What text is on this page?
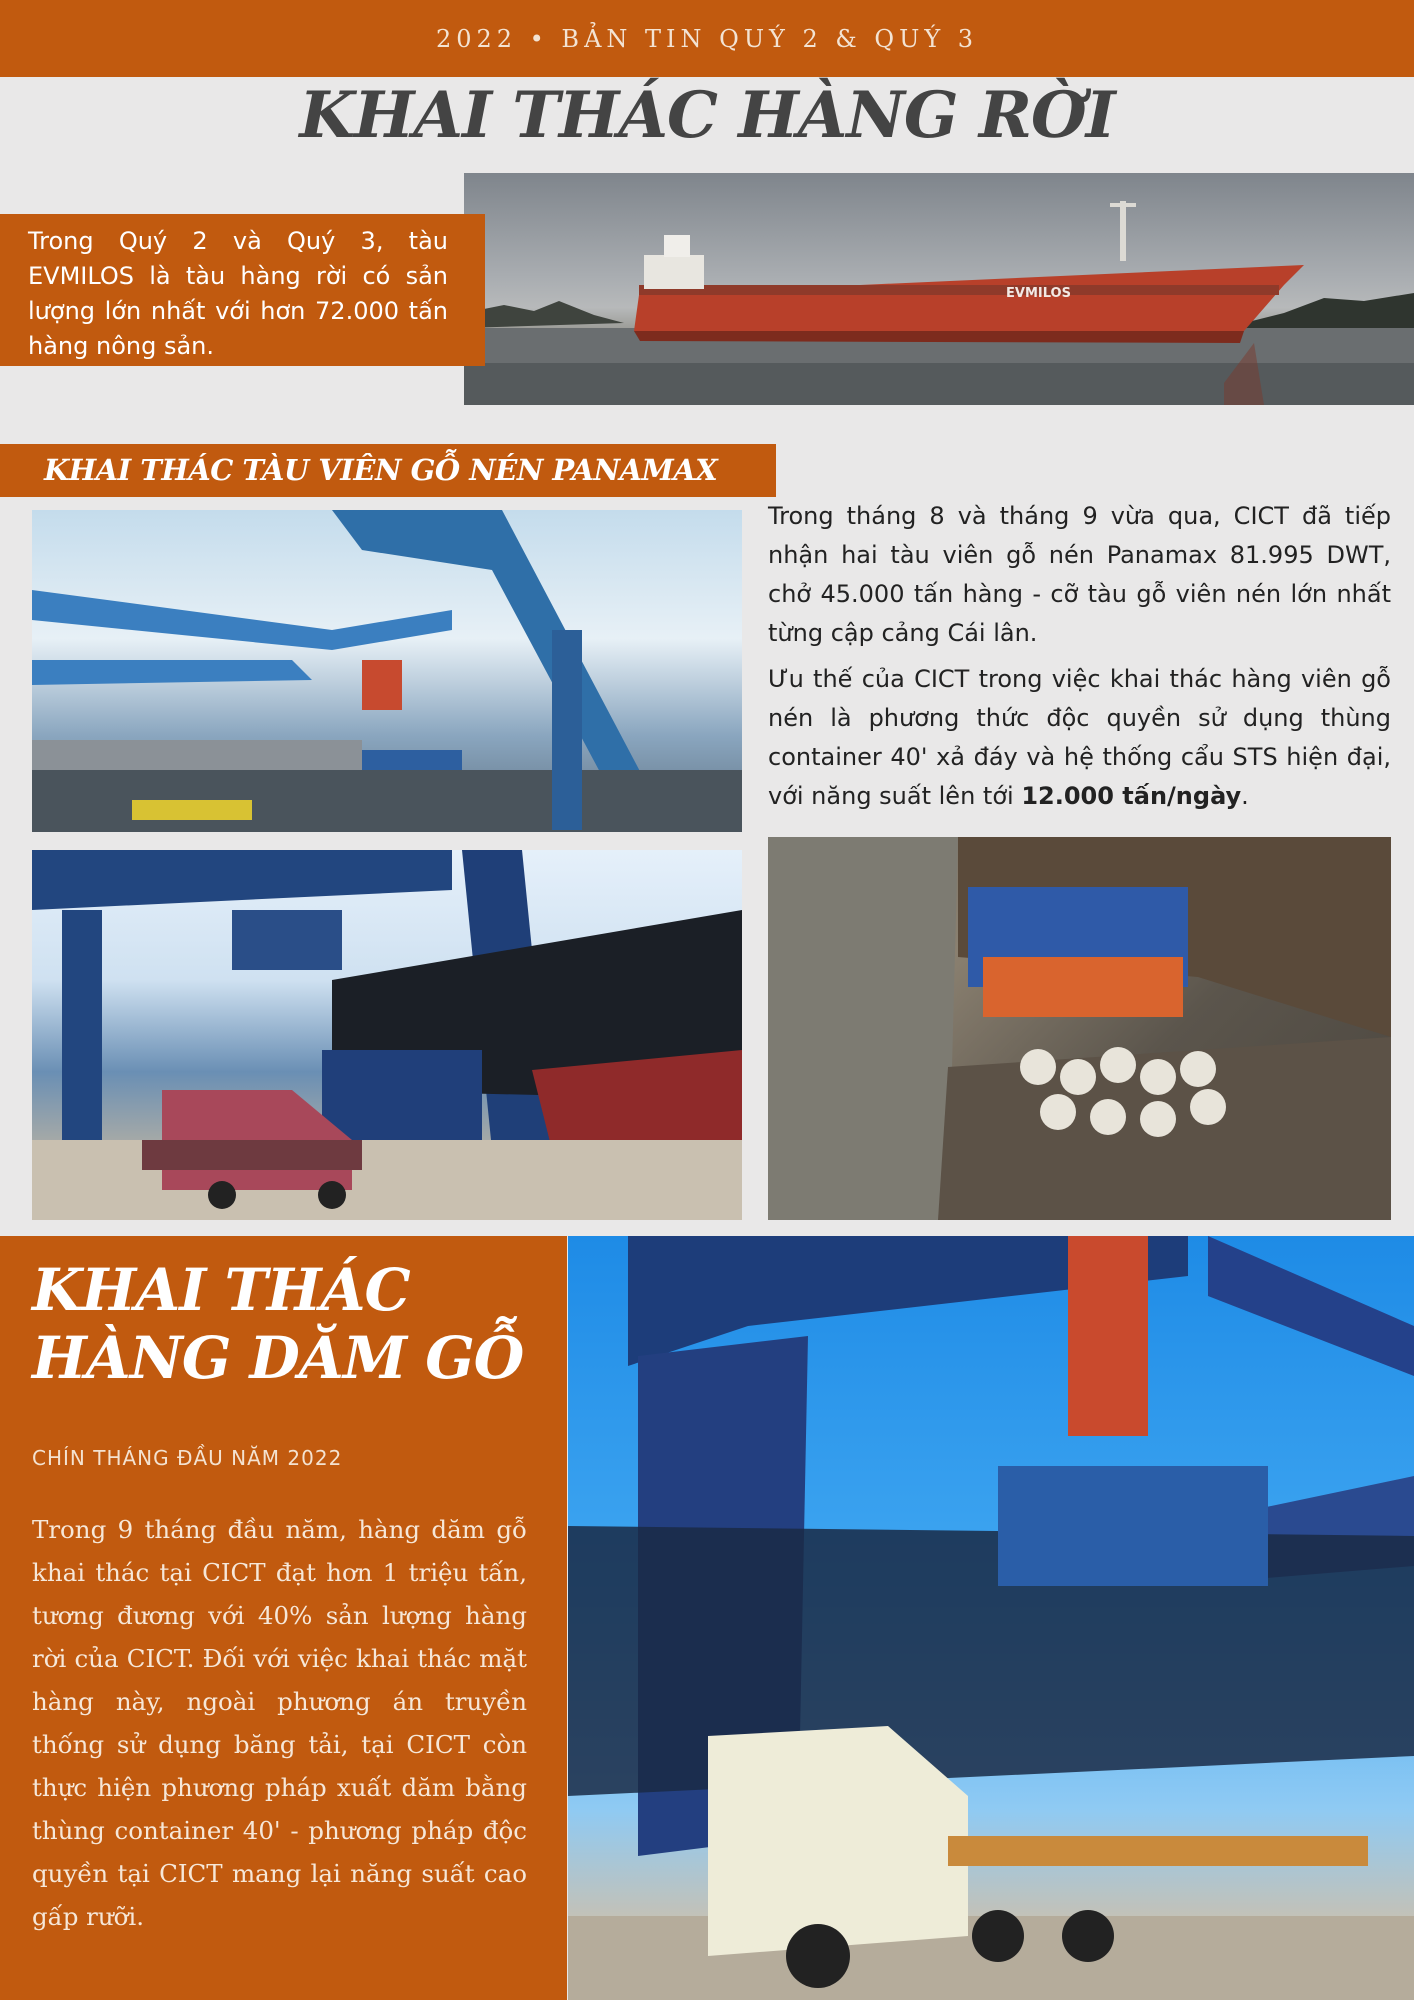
2022 • BẢN TIN QUÝ 2 & QUÝ 3
KHAI THÁC HÀNG RỜI
EVMILOS
Trong Quý 2 và Quý 3, tàu EVMILOS là tàu hàng rời có sản lượng lớn nhất với hơn 72.000 tấn hàng nông sản.
KHAI THÁC TÀU VIÊN GỖ NÉN PANAMAX
Trong tháng 8 và tháng 9 vừa qua, CICT đã tiếp nhận hai tàu viên gỗ nén Panamax 81.995 DWT, chở 45.000 tấn hàng - cỡ tàu gỗ viên nén lớn nhất từng cập cảng Cái lân.
Ưu thế của CICT trong việc khai thác hàng viên gỗ nén là phương thức độc quyền sử dụng thùng container 40' xả đáy và hệ thống cẩu STS hiện đại, với năng suất lên tới 12.000 tấn/ngày.
KHAI THÁC
HÀNG DĂM GỖ
CHÍN THÁNG ĐẦU NĂM 2022
Trong 9 tháng đầu năm, hàng dăm gỗ khai thác tại CICT đạt hơn 1 triệu tấn, tương đương với 40% sản lượng hàng rời của CICT. Đối với việc khai thác mặt hàng này, ngoài phương án truyền thống sử dụng băng tải, tại CICT còn thực hiện phương pháp xuất dăm bằng thùng container 40' - phương pháp độc quyền tại CICT mang lại năng suất cao gấp rưỡi.
